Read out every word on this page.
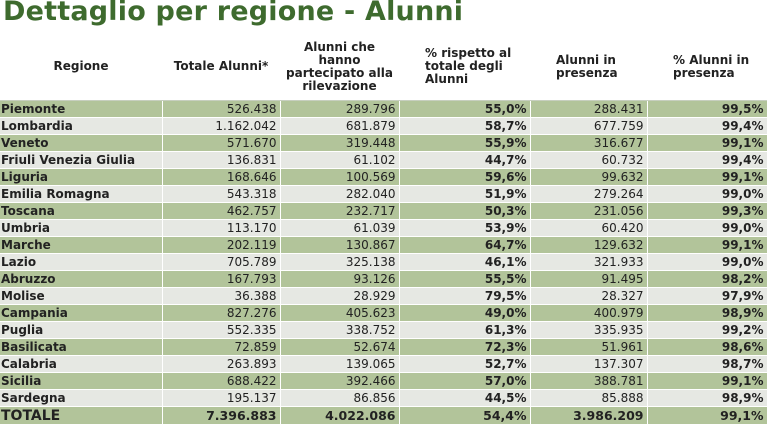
Dettaglio per regione - Alunni
Regione	Totale Alunni*	Alunni che hanno partecipato alla rilevazione	% rispetto al totale degli Alunni	Alunni in presenza	% Alunni in presenza
Piemonte	526.438	289.796	55,0%	288.431	99,5%
Lombardia	1.162.042	681.879	58,7%	677.759	99,4%
Veneto	571.670	319.448	55,9%	316.677	99,1%
Friuli Venezia Giulia	136.831	61.102	44,7%	60.732	99,4%
Liguria	168.646	100.569	59,6%	99.632	99,1%
Emilia Romagna	543.318	282.040	51,9%	279.264	99,0%
Toscana	462.757	232.717	50,3%	231.056	99,3%
Umbria	113.170	61.039	53,9%	60.420	99,0%
Marche	202.119	130.867	64,7%	129.632	99,1%
Lazio	705.789	325.138	46,1%	321.933	99,0%
Abruzzo	167.793	93.126	55,5%	91.495	98,2%
Molise	36.388	28.929	79,5%	28.327	97,9%
Campania	827.276	405.623	49,0%	400.979	98,9%
Puglia	552.335	338.752	61,3%	335.935	99,2%
Basilicata	72.859	52.674	72,3%	51.961	98,6%
Calabria	263.893	139.065	52,7%	137.307	98,7%
Sicilia	688.422	392.466	57,0%	388.781	99,1%
Sardegna	195.137	86.856	44,5%	85.888	98,9%
TOTALE	7.396.883	4.022.086	54,4%	3.986.209	99,1%
